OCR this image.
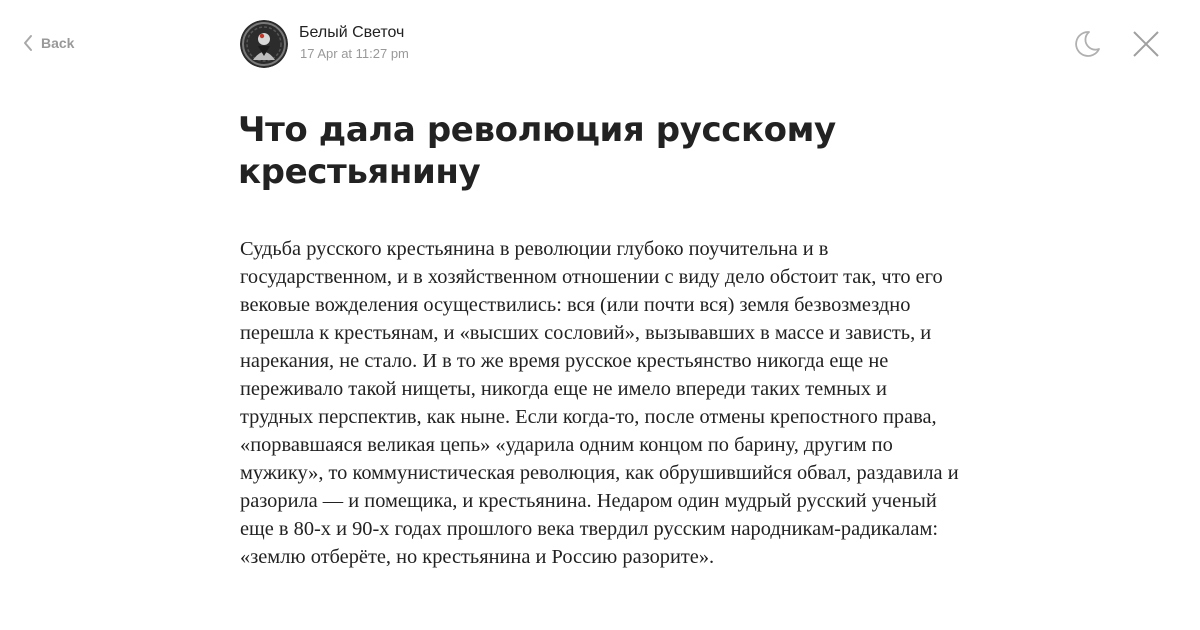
Back
Белый Светоч
17 Apr at 11:27 pm
Что дала революция русскому крестьянину

Судьба русского крестьянина в революции глубоко поучительна и в государственном, и в хозяйственном отношении с виду дело обстоит так, что его вековые вожделения осуществились: вся (или почти вся) земля безвозмездно перешла к крестьянам, и «высших сословий», вызывавших в массе и зависть, и нарекания, не стало. И в то же время русское крестьянство никогда еще не переживало такой нищеты, никогда еще не имело впереди таких темных и трудных перспектив, как ныне. Если когда-то, после отмены крепостного права, «порвавшаяся великая цепь» «ударила одним концом по барину, другим по мужику», то коммунистическая революция, как обрушившийся обвал, раздавила и разорила — и помещика, и крестьянина. Недаром один мудрый русский ученый еще в 80-х и 90-х годах прошлого века твердил русским народникам-радикалам: «землю отберёте, но крестьянина и Россию разорите».
